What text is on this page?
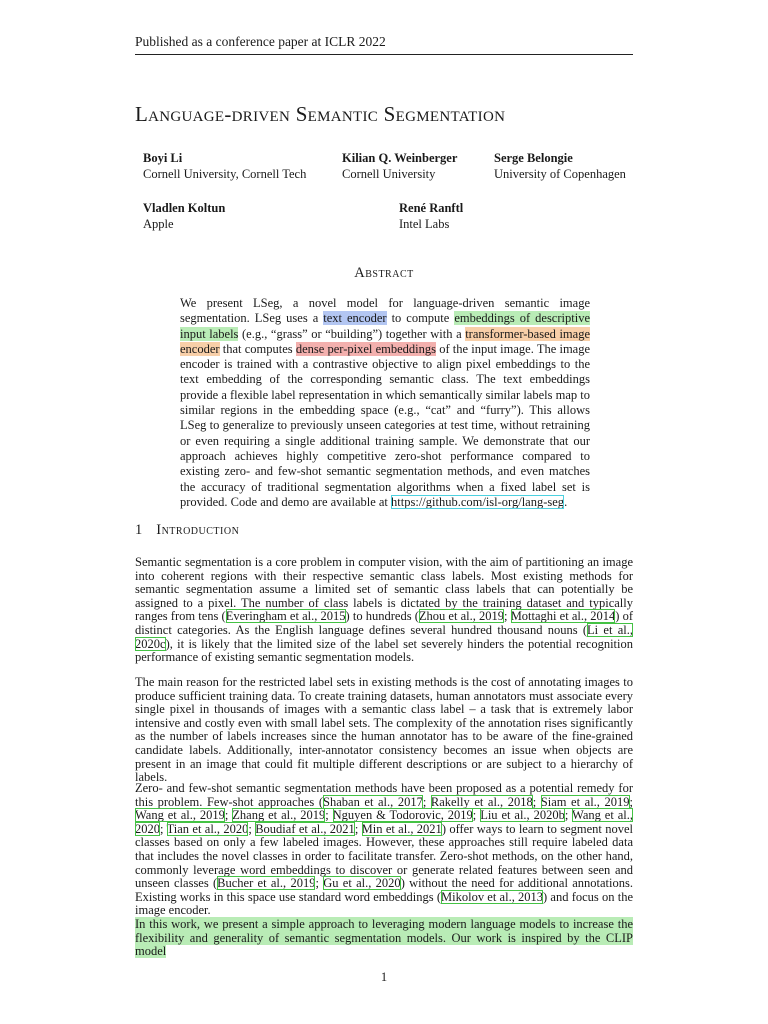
Published as a conference paper at ICLR 2022
Language-driven Semantic Segmentation
Boyi Li
Cornell University, Cornell Tech
Kilian Q. Weinberger
Cornell University
Serge Belongie
University of Copenhagen
Vladlen Koltun
Apple
René Ranftl
Intel Labs
Abstract
We present LSeg, a novel model for language-driven semantic image segmentation. LSeg uses a text encoder to compute embeddings of descriptive input labels (e.g., “grass” or “building”) together with a transformer-based image encoder that computes dense per-pixel embeddings of the input image. The image encoder is trained with a contrastive objective to align pixel embeddings to the text embedding of the corresponding semantic class. The text embeddings provide a flexible label representation in which semantically similar labels map to similar regions in the embedding space (e.g., “cat” and “furry”). This allows LSeg to generalize to previously unseen categories at test time, without retraining or even requiring a single additional training sample. We demonstrate that our approach achieves highly competitive zero-shot performance compared to existing zero- and few-shot semantic segmentation methods, and even matches the accuracy of traditional segmentation algorithms when a fixed label set is provided. Code and demo are available at https://github.com/isl-org/lang-seg.
1 Introduction
Semantic segmentation is a core problem in computer vision, with the aim of partitioning an image into coherent regions with their respective semantic class labels. Most existing methods for semantic segmentation assume a limited set of semantic class labels that can potentially be assigned to a pixel. The number of class labels is dictated by the training dataset and typically ranges from tens (Everingham et al., 2015) to hundreds (Zhou et al., 2019; Mottaghi et al., 2014) of distinct categories. As the English language defines several hundred thousand nouns (Li et al., 2020c), it is likely that the limited size of the label set severely hinders the potential recognition performance of existing semantic segmentation models.
The main reason for the restricted label sets in existing methods is the cost of annotating images to produce sufficient training data. To create training datasets, human annotators must associate every single pixel in thousands of images with a semantic class label – a task that is extremely labor intensive and costly even with small label sets. The complexity of the annotation rises significantly as the number of labels increases since the human annotator has to be aware of the fine-grained candidate labels. Additionally, inter-annotator consistency becomes an issue when objects are present in an image that could fit multiple different descriptions or are subject to a hierarchy of labels.
Zero- and few-shot semantic segmentation methods have been proposed as a potential remedy for this problem. Few-shot approaches (Shaban et al., 2017; Rakelly et al., 2018; Siam et al., 2019; Wang et al., 2019; Zhang et al., 2019; Nguyen & Todorovic, 2019; Liu et al., 2020b; Wang et al., 2020; Tian et al., 2020; Boudiaf et al., 2021; Min et al., 2021) offer ways to learn to segment novel classes based on only a few labeled images. However, these approaches still require labeled data that includes the novel classes in order to facilitate transfer. Zero-shot methods, on the other hand, commonly leverage word embeddings to discover or generate related features between seen and unseen classes (Bucher et al., 2019; Gu et al., 2020) without the need for additional annotations. Existing works in this space use standard word embeddings (Mikolov et al., 2013) and focus on the image encoder.
In this work, we present a simple approach to leveraging modern language models to increase the flexibility and generality of semantic segmentation models. Our work is inspired by the CLIP model
1
